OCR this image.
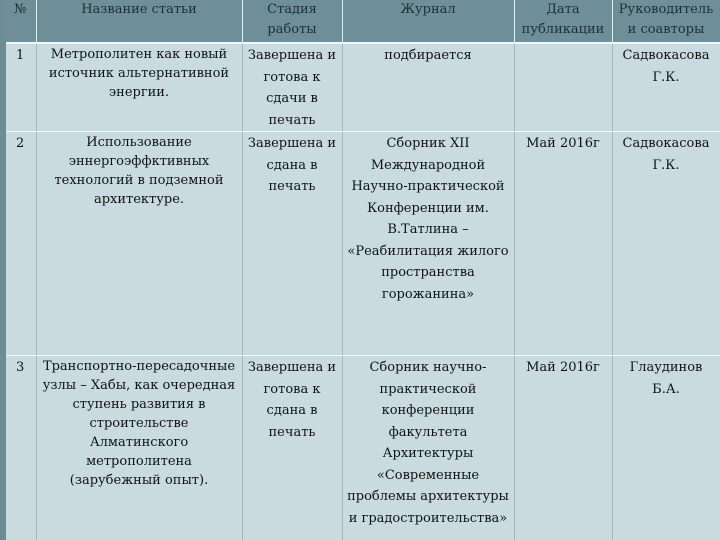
№	Название статьи	Стадия работы	Журнал	Дата публикации	Руководитель и соавторы
1	Метрополитен как новый источник альтернативной энергии.	Завершена и готова к сдачи в печать	подбирается		Садвокасова Г.К.
2	Использование эннергоэффктивных технологий в подземной архитектуре.	Завершена и сдана в печать	Сборник XII Международной Научно-практической Конференции им. В.Татлина – «Реабилитация жилого пространства горожанина»	Май 2016г	Садвокасова Г.К.
3	Транспортно-пересадочные узлы – Хабы, как очередная ступень развития в строительстве Алматинского метрополитена (зарубежный опыт).	Завершена и готова к сдана в печать	Сборник научно-практической конференции факультета Архитектуры «Современные проблемы архитектуры и градостроительства»	Май 2016г	Глаудинов Б.А.
